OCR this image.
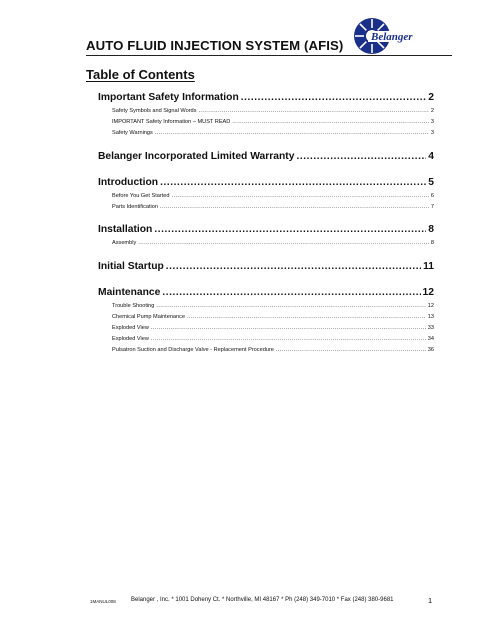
AUTO FLUID INJECTION SYSTEM (AFIS)
Belanger
Table of Contents
Important Safety Information .....	2
Safety Symbols and Signal Words .....	2
IMPORTANT Safety Information – MUST READ .....	3
Safety Warnings .....	3
Belanger Incorporated Limited Warranty .....	4
Introduction .....	5
Before You Get Started .....	6
Parts Identification .....	7
Installation .....	8
Assembly .....	8
Initial Startup .....	11
Maintenance .....	12
Trouble Shooting .....	12
Chemical Pump Maintenance .....	13
Exploded View .....	33
Exploded View .....	34
Pulsatron Suction and Discharge Valve - Replacement Procedure .....	36
1MANUL008	Belanger , Inc. * 1001 Doheny Ct. * Northville, MI 48167 * Ph (248) 349-7010 * Fax (248) 380-9681	1
